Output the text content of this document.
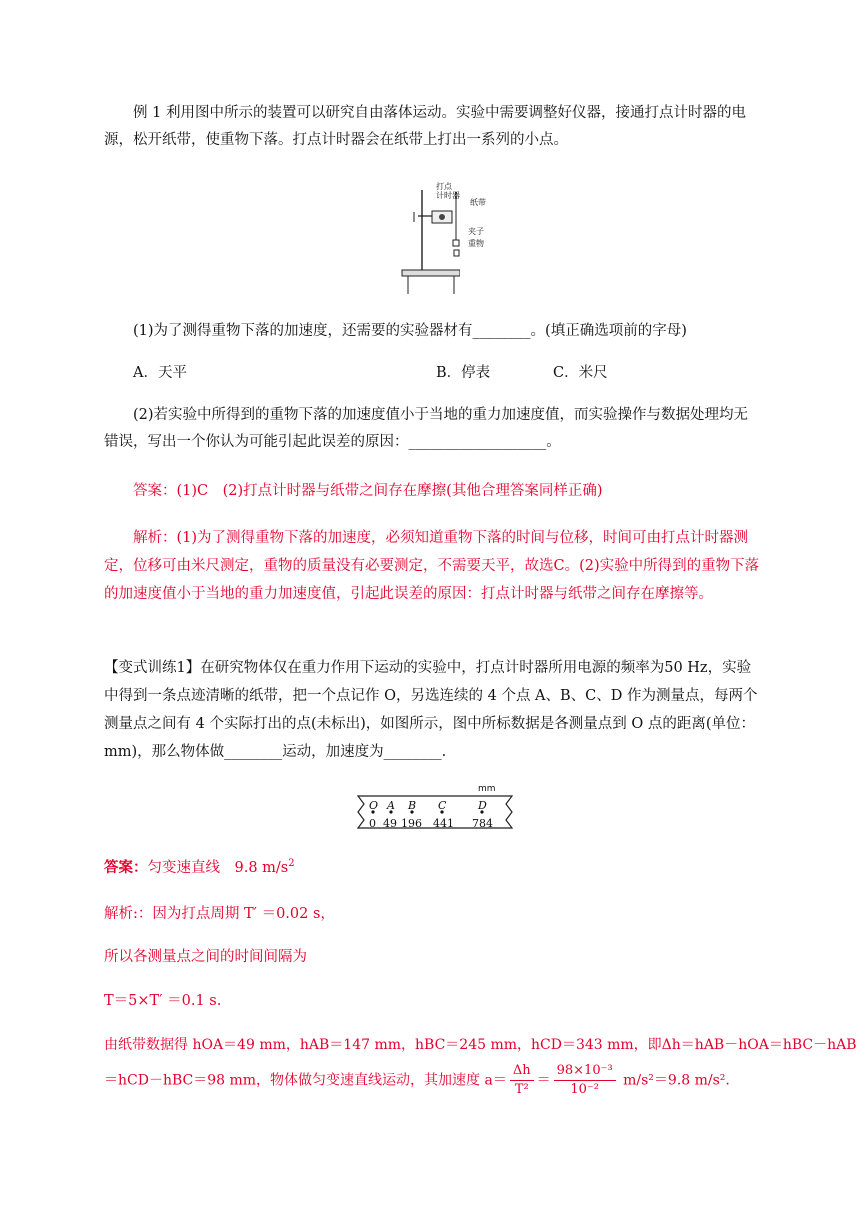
例 1 利用图中所示的装置可以研究自由落体运动。实验中需要调整好仪器，接通打点计时器的电源，松开纸带，使重物下落。打点计时器会在纸带上打出一系列的小点。

打点
计时器
纸带
夹子
重物

(1)为了测得重物下落的加速度，还需要的实验器材有________。(填正确选项前的字母)

A．天平	B．停表	C．米尺

(2)若实验中所得到的重物下落的加速度值小于当地的重力加速度值，而实验操作与数据处理均无错误，写出一个你认为可能引起此误差的原因：___________________。

答案：(1)C　(2)打点计时器与纸带之间存在摩擦(其他合理答案同样正确)

解析：(1)为了测得重物下落的加速度，必须知道重物下落的时间与位移，时间可由打点计时器测定，位移可由米尺测定，重物的质量没有必要测定，不需要天平，故选C。(2)实验中所得到的重物下落的加速度值小于当地的重力加速度值，引起此误差的原因：打点计时器与纸带之间存在摩擦等。

【变式训练1】在研究物体仅在重力作用下运动的实验中，打点计时器所用电源的频率为50 Hz，实验中得到一条点迹清晰的纸带，把一个点记作 O，另选连续的 4 个点 A、B、C、D 作为测量点，每两个测量点之间有 4 个实际打出的点(未标出)，如图所示，图中所标数据是各测量点到 O 点的距离(单位：mm)，那么物体做________运动，加速度为________.

mm
O A B C	D
0 49 196 441 784
答案：匀变速直线　9.8 $m/s^2$
解析:：因为打点周期 T′ ＝0.02 s，
所以各测量点之间的时间间隔为
T＝5×T′ ＝0.1 s.
由纸带数据得 hOA＝49 mm，hAB＝147 mm，hBC＝245 mm，hCD＝343 mm，即Δh＝hAB－hOA＝hBC－hAB
＝hCD－hBC＝98 mm，物体做匀变速直线运动，其加速度 $a= \frac{\Delta h}{\text{T²}} = \frac{\text{98×10⁻³}}{\text{10⁻²}} m/s^2=9.8$ m/s².
